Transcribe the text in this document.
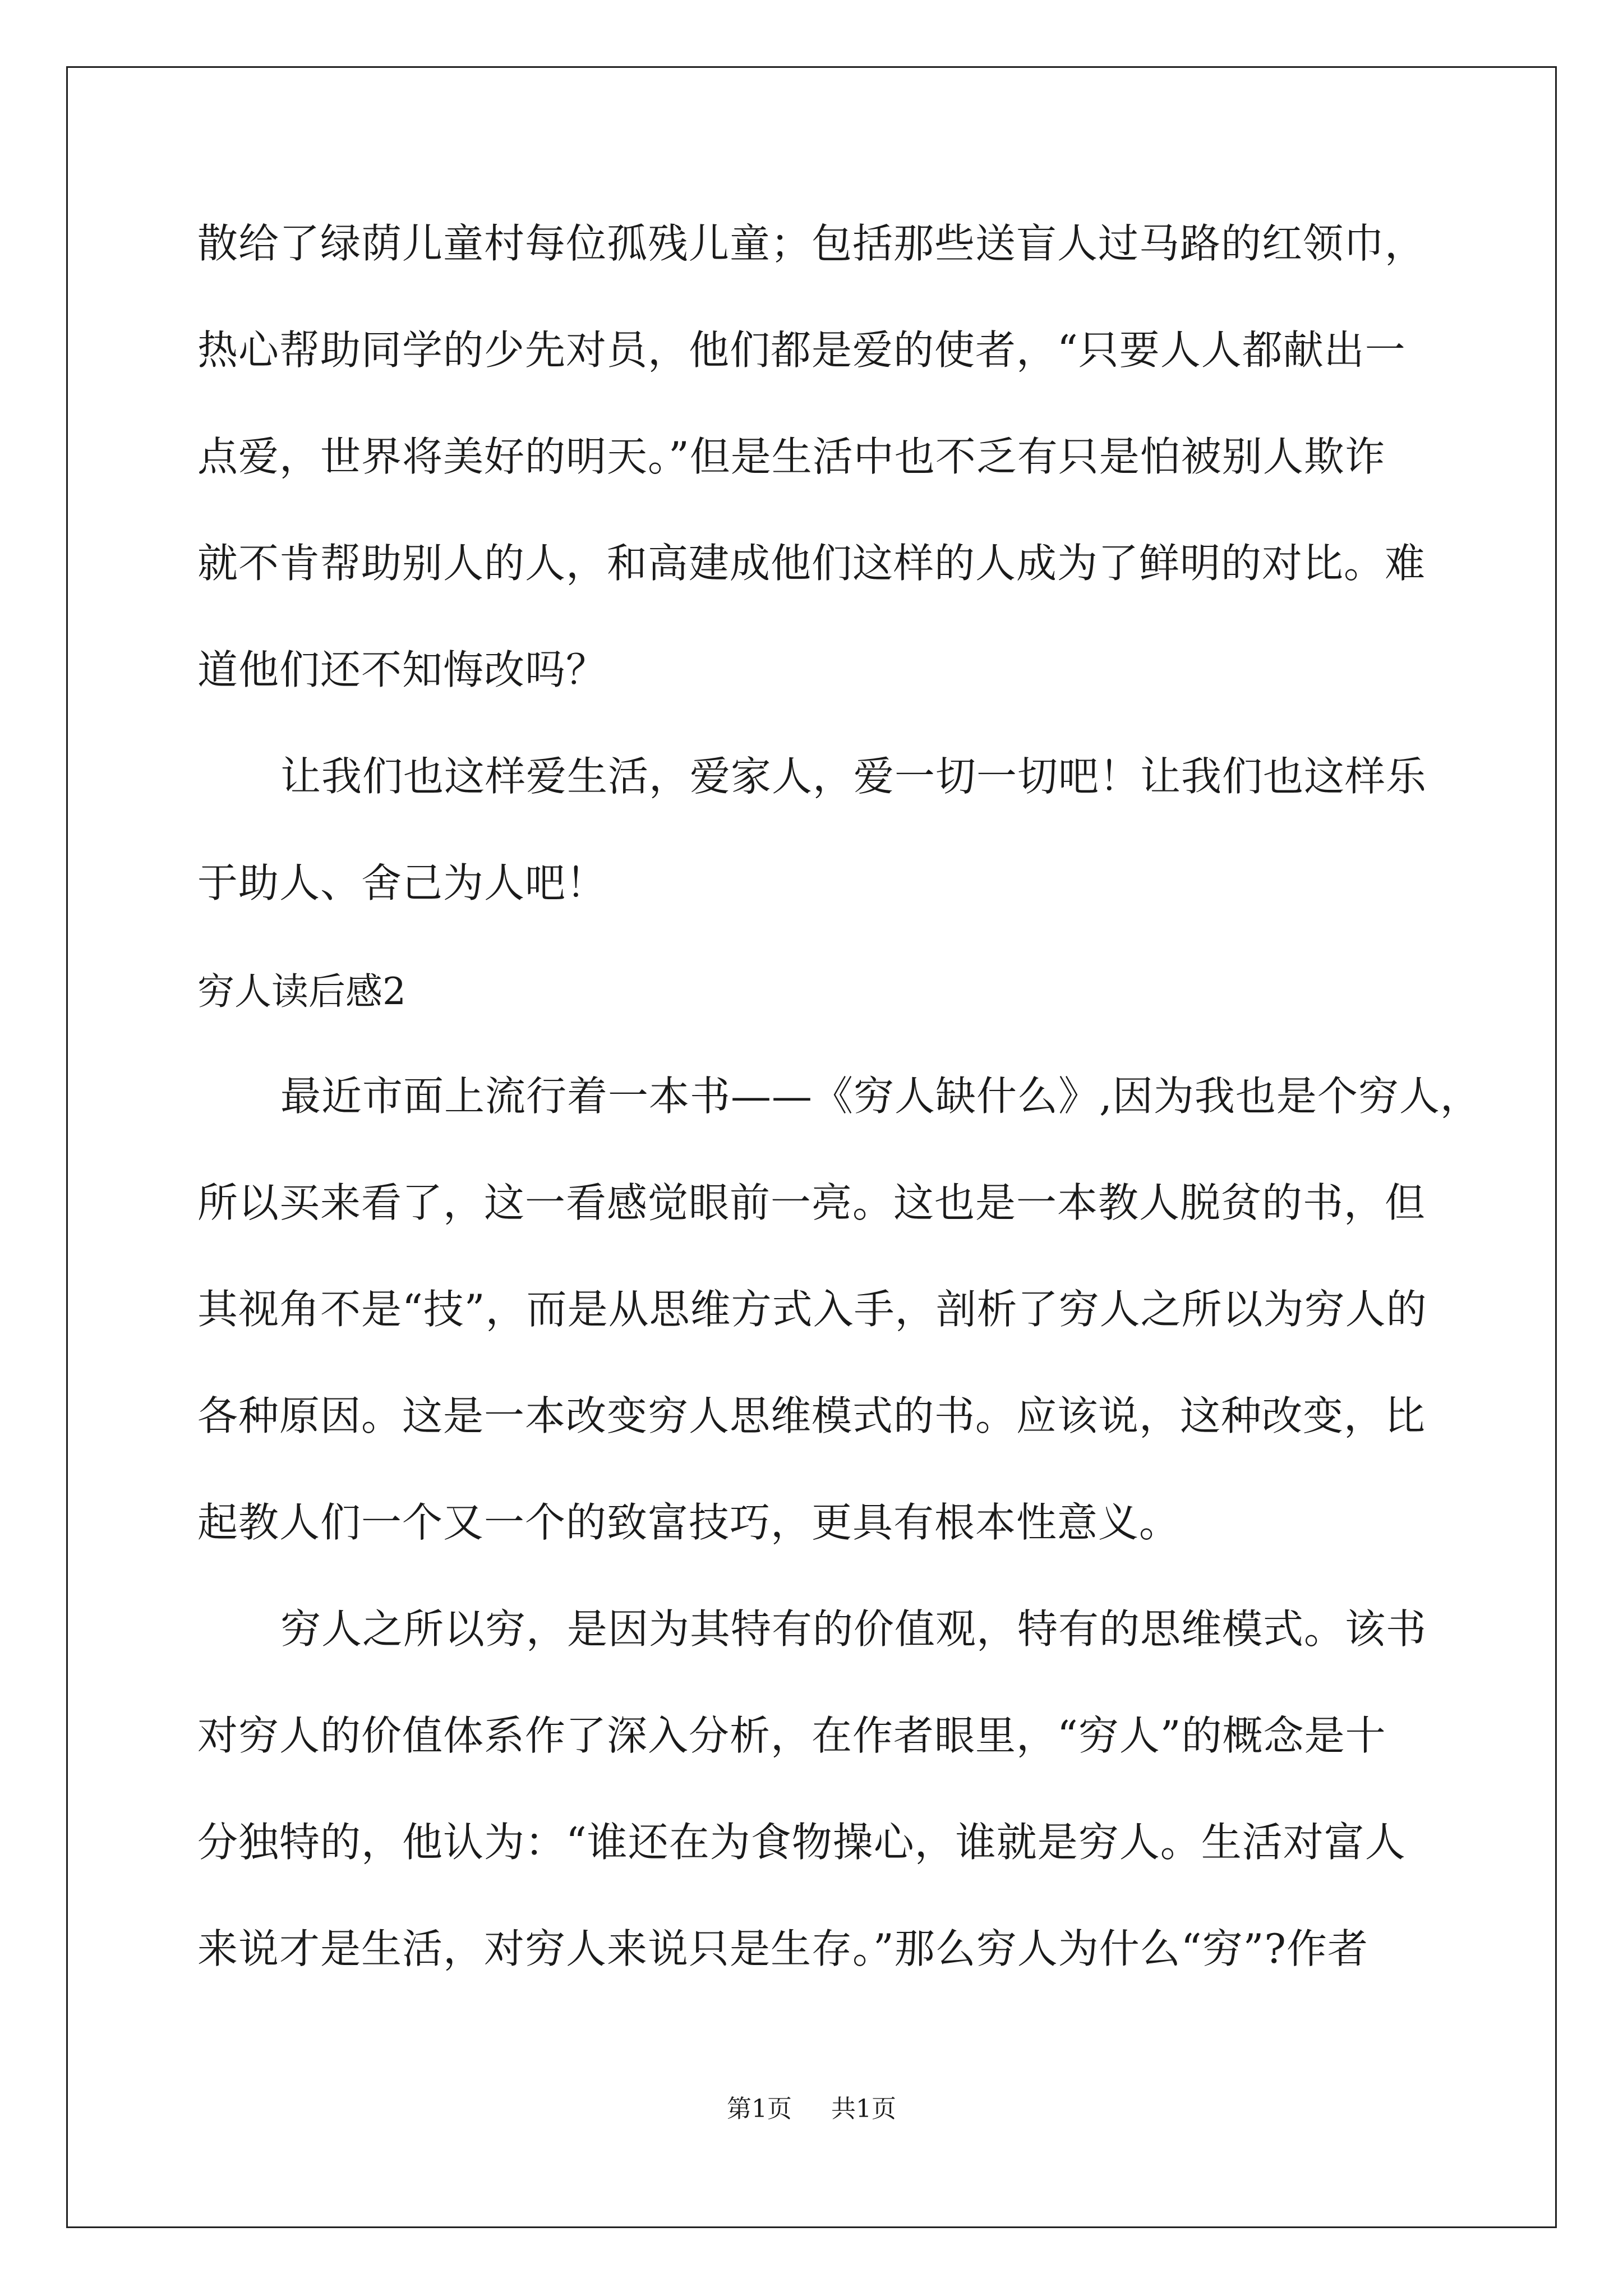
散给了绿荫儿童村每位孤残儿童；包括那些送盲人过马路的红领巾，
热心帮助同学的少先对员，他们都是爱的使者，“只要人人都献出一
点爱，世界将美好的明天。”但是生活中也不乏有只是怕被别人欺诈
就不肯帮助别人的人，和高建成他们这样的人成为了鲜明的对比。难
道他们还不知悔改吗？
让我们也这样爱生活，爱家人，爱一切一切吧！让我们也这样乐
于助人、舍己为人吧！
穷人读后感2
最近市面上流行着一本书——《穷人缺什么》,因为我也是个穷人，
所以买来看了，这一看感觉眼前一亮。这也是一本教人脱贫的书，但
其视角不是“技”，而是从思维方式入手，剖析了穷人之所以为穷人的
各种原因。这是一本改变穷人思维模式的书。应该说，这种改变，比
起教人们一个又一个的致富技巧，更具有根本性意义。
穷人之所以穷，是因为其特有的价值观，特有的思维模式。该书
对穷人的价值体系作了深入分析，在作者眼里，“穷人”的概念是十
分独特的，他认为：“谁还在为食物操心，谁就是穷人。生活对富人
来说才是生活，对穷人来说只是生存。”那么穷人为什么“穷”?作者
第1页 共1页
